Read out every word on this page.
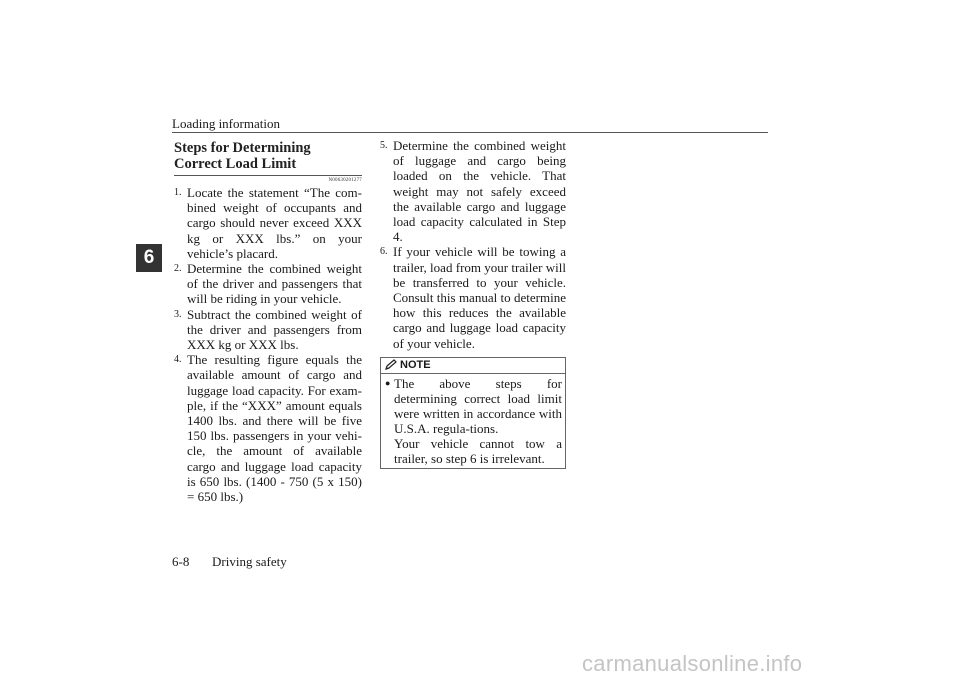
Loading information
6
Steps for Determining Correct Load Limit
N00630201277
1. Locate the statement “The com-bined weight of occupants and cargo should never exceed XXX kg or XXX lbs.” on your vehicle’s placard.
2. Determine the combined weight of the driver and passengers that will be riding in your vehicle.
3. Subtract the combined weight of the driver and passengers from XXX kg or XXX lbs.
4. The resulting figure equals the available amount of cargo and luggage load capacity. For exam-ple, if the “XXX” amount equals 1400 lbs. and there will be five 150 lbs. passengers in your vehi-cle, the amount of available cargo and luggage load capacity is 650 lbs. (1400 - 750 (5 x 150) = 650 lbs.)
5. Determine the combined weight of luggage and cargo being loaded on the vehicle. That weight may not safely exceed the available cargo and luggage load capacity calculated in Step 4.
6. If your vehicle will be towing a trailer, load from your trailer will be transferred to your vehicle. Consult this manual to determine how this reduces the available cargo and luggage load capacity of your vehicle.
NOTE
● The above steps for determining correct load limit were written in accordance with U.S.A. regula-tions.

Your vehicle cannot tow a trailer, so step 6 is irrelevant.

6-8 Driving safety
carmanualsonline.info
